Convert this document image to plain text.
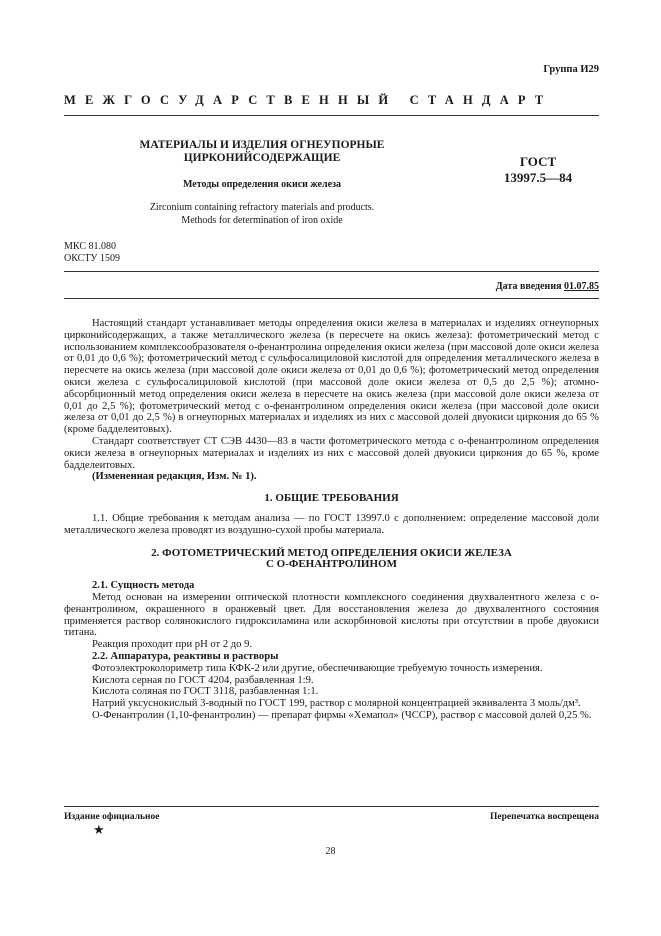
Группа И29
МЕЖГОСУДАРСТВЕННЫЙ СТАНДАРТ
МАТЕРИАЛЫ И ИЗДЕЛИЯ ОГНЕУПОРНЫЕ
ЦИРКОНИЙСОДЕРЖАЩИЕ
Методы определения окиси железа
Zirconium containing refractory materials and products.
Methods for determination of iron oxide
ГОСТ
13997.5—84
МКС 81.080
ОКСТУ 1509
Дата введения 01.07.85

Настоящий стандарт устанавливает методы определения окиси железа в материалах и изделиях огнеупорных цирконийсодержащих, а также металлического железа (в пересчете на окись железа): фотометрический метод с использованием комплексообразователя о-фенантролина определения окиси железа (при массовой доле окиси железа от 0,01 до 0,6 %); фотометрический метод с сульфосалициловой кислотой для определения металлического железа в пересчете на окись железа (при массовой доле окиси железа от 0,01 до 0,6 %); фотометрический метод определения окиси железа с сульфосалициловой кислотой (при массовой доле окиси железа от 0,5 до 2,5 %); атомно-абсорбционный метод определения окиси железа в пересчете на окись железа (при массовой доле окиси железа от 0,01 до 2,5 %); фотометрический метод с о-фенантролином определения окиси железа (при массовой доле окиси железа от 0,01 до 2,5 %) в огнеупорных материалах и изделиях из них с массовой долей двуокиси циркония до 65 % (кроме бадделеитовых).

Стандарт соответствует СТ СЭВ 4430—83 в части фотометрического метода с о-фенантролином определения окиси железа в огнеупорных материалах и изделиях из них с массовой долей двуокиси циркония до 65 %, кроме бадделеитовых.

(Измененная редакция, Изм. № 1).

1. ОБЩИЕ ТРЕБОВАНИЯ

1.1. Общие требования к методам анализа — по ГОСТ 13997.0 с дополнением: определение массовой доли металлического железа проводят из воздушно-сухой пробы материала.

2. ФОТОМЕТРИЧЕСКИЙ МЕТОД ОПРЕДЕЛЕНИЯ ОКИСИ ЖЕЛЕЗА

С О-ФЕНАНТРОЛИНОМ

2.1. Сущность метода

Метод основан на измерении оптической плотности комплексного соединения двухвалентного железа с о-фенантролином, окрашенного в оранжевый цвет. Для восстановления железа до двухвалентного состояния применяется раствор солянокислого гидроксиламина или аскорбиновой кислоты при отсутствии в пробе двуокиси титана.

Реакция проходит при pH от 2 до 9.

2.2. Аппаратура, реактивы и растворы

Фотоэлектроколориметр типа КФК-2 или другие, обеспечивающие требуемую точность измерения.

Кислота серная по ГОСТ 4204, разбавленная 1:9.

Кислота соляная по ГОСТ 3118, разбавленная 1:1.

Натрий уксуснокислый 3-водный по ГОСТ 199, раствор с молярной концентрацией эквивалента 3 моль/дм³.

О-Фенантролин (1,10-фенантролин) — препарат фирмы «Хемапол» (ЧССР), раствор с массовой долей 0,25 %.

Издание официальное	Перепечатка воспрещена
★
28
